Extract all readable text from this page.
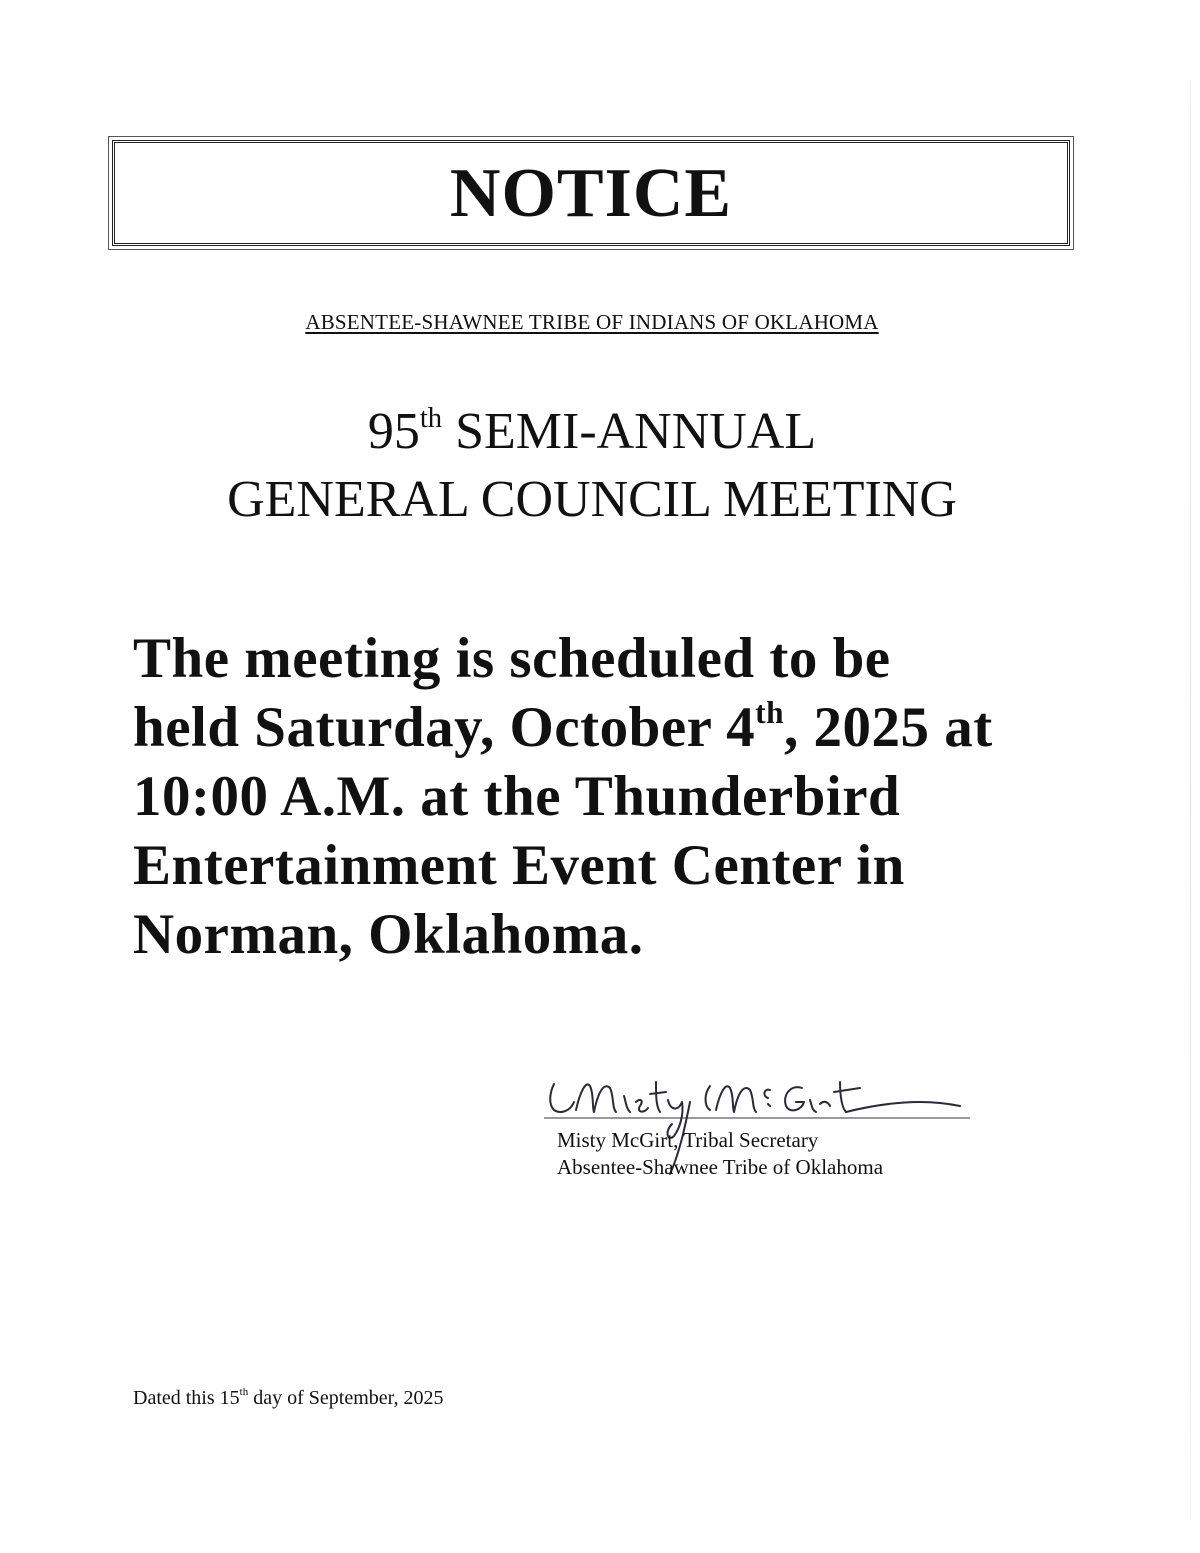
NOTICE
ABSENTEE-SHAWNEE TRIBE OF INDIANS OF OKLAHOMA
95th SEMI-ANNUAL
GENERAL COUNCIL MEETING
The meeting is scheduled to be
held Saturday, October 4th, 2025 at
10:00 A.M. at the Thunderbird
Entertainment Event Center in
Norman, Oklahoma.
Misty McGirt, Tribal Secretary
Absentee-Shawnee Tribe of Oklahoma
Dated this 15th day of September, 2025
